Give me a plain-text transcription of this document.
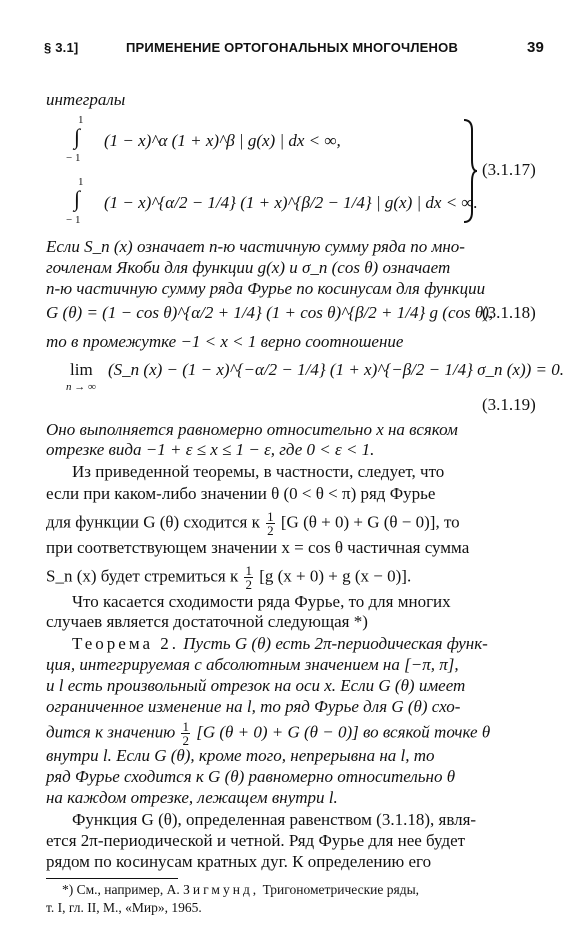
§ 3.1]	ПРИМЕНЕНИЕ ОРТОГОНАЛЬНЫХ МНОГОЧЛЕНОВ	39
интегралы
1
∫
− 1
(1 − x)^α (1 + x)^β | g(x) | dx < ∞,
1
∫
− 1
(1 − x)^{α/2 − 1/4} (1 + x)^{β/2 − 1/4} | g(x) | dx < ∞.
(3.1.17)
Если S_n (x) означает n-ю частичную сумму ряда по мно-
гочленам Якоби для функции g(x) и σ_n (cos θ) означает
n-ю частичную сумму ряда Фурье по косинусам для функции
G (θ) = (1 − cos θ)^{α/2 + 1/4} (1 + cos θ)^{β/2 + 1/4} g (cos θ),
(3.1.18)
то в промежутке −1 < x < 1 верно соотношение
lim
n → ∞
(S_n (x) − (1 − x)^{−α/2 − 1/4} (1 + x)^{−β/2 − 1/4} σ_n (x)) = 0.
(3.1.19)
Оно выполняется равномерно относительно x на всяком
отрезке вида −1 + ε ≤ x ≤ 1 − ε, где 0 < ε < 1.
Из приведенной теоремы, в частности, следует, что
если при каком-либо значении θ (0 < θ < π) ряд Фурье
для функции G (θ) сходится к $\frac{1}{2} [G$ (θ + 0) + G (θ − 0)], то
при соответствующем значении x = cos θ частичная сумма
S_n (x) будет стремиться к $\frac{1}{2} [g$ (x + 0) + g (x − 0)].
Что касается сходимости ряда Фурье, то для многих
случаев является достаточной следующая *)
Теорема 2. Пусть G (θ) есть 2π-периодическая функ-
ция, интегрируемая с абсолютным значением на [−π, π],
и l есть произвольный отрезок на оси x. Если G (θ) имеет
ограниченное изменение на l, то ряд Фурье для G (θ) схо-
дится к значению $\frac{1}{2} [G$ (θ + 0) + G (θ − 0)] во всякой точке θ
внутри l. Если G (θ), кроме того, непрерывна на l, то
ряд Фурье сходится к G (θ) равномерно относительно θ
на каждом отрезке, лежащем внутри l.
Функция G (θ), определенная равенством (3.1.18), явля-
ется 2π-периодической и четной. Ряд Фурье для нее будет
рядом по косинусам кратных дуг. К определению его
*) См., например, А. Зигмунд, Тригонометрические ряды,
т. I, гл. II, М., «Мир», 1965.
